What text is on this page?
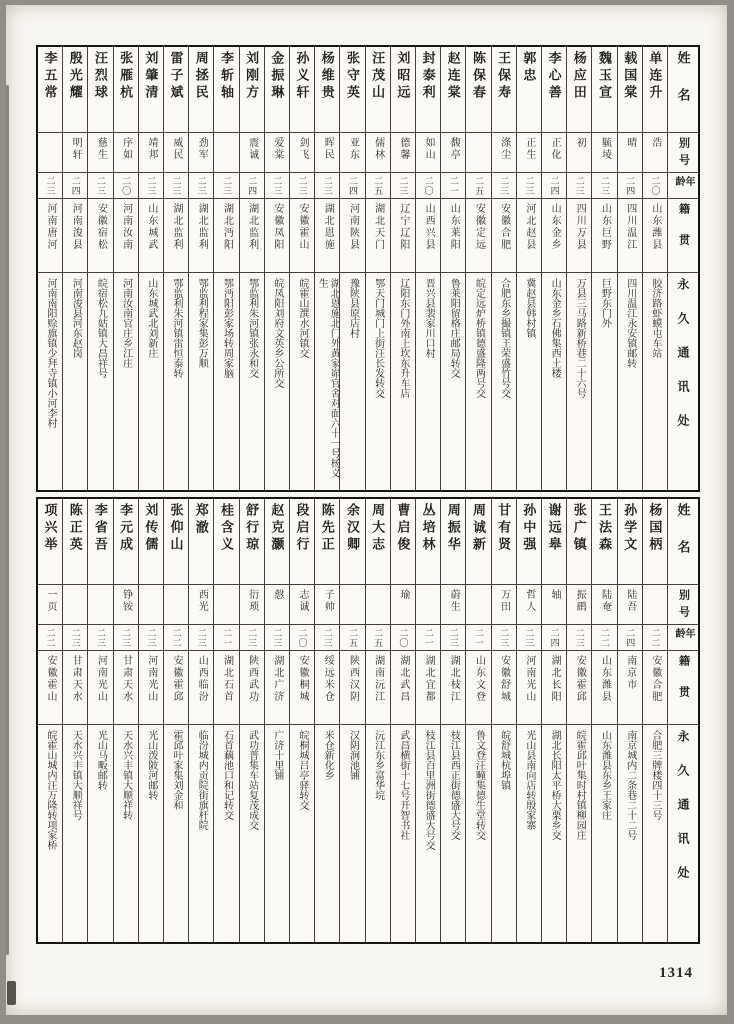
姓名
别号
年龄
籍贯
永久通讯处
单连升
浩
二〇
山东潍县
胶济路虾蟆屯车站
载国棠
晴
二四
四川温江
四川温江永安镇邮转
魏玉宣
毓堎
二三
山东巨野
巨野东门外
杨应田
初
二三
四川万县
万县三马路新桥巷二十六号
李心善
正化
二四
山东金乡
山东金乡石佛集西土楼
郭忠
正生
二三
河北赵县
冀赵县韩村镇
王保寿
涤尘
二三
安徽合肥
合肥东乡撮镇王荣盛竹号交
陈保春
二五
安徽定远
皖定远炉桥镇德盛隆两号交
赵连棠
馥亭
二一
山东莱阳
鲁莱阳留格庄邮局转交
封泰利
如山
二〇
山西兴县
晋兴县裴家川口村
刘昭远
德馨
二三
辽宁辽阳
辽阳东门外南上坎东升车店
汪茂山
儒林
二五
湖北天门
鄂天门城门上街汪长发转交
张守英
亚东
二四
河南陕县
豫陕县原店村
杨维贵
晖民
二三
湖北恩施
湖北恩施北门外黄家峁官舍对面六十一号杨义生
孙义轩
剑飞
二三
安徽霍山
皖霍山潠水河镇交
金振琳
爱棠
二三
安徽凤阳
皖凤阳刘府文英乡公所交
刘刚方
震诚
二四
湖北监利
鄂监利朱河镇张永和交
李斩轴
二三
湖北沔阳
鄂沔阳彭家场转周家脑
周拯民
劲军
二三
湖北监利
鄂监利程家集彭万顺
雷子斌
威民
二三
湖北监利
鄂监利朱河镇雷恒泰转
刘肇清
靖邦
二三
山东城武
山东城武北刘新庄
张雁杭
序如
二〇
河南汝南
河南汝南官庄乡江庄
汪烈球
慈生
二三
安徽宿松
皖宿松九姑镇大昌祥号
殷光耀
明轩
二四
河南浚县
河南浚县河东赵岗
李五常
二三
河南唐河
河南南阳赊旗镇少拜寺镇小河李村
姓名
别号
年龄
籍贯
永久通讯处
杨国柄
二二
安徽合肥
合肥三牌楼四十三号
孙学文
陆吾
二四
南京市
南京城内二条巷二十二号
王法森
陆奄
二二
山东潍县
山东潍县东乡王家庄
张广镇
振鹛
二三
安徽霍邱
皖霍邱叶集时村镇柳园庄
谢远皋
轴
二四
湖北长阳
湖北长阳太平桥大栗乡交
孙中强
哲人
二三
河南光山
光山县南向店转殷家寨
甘有贤
万田
二三
安徽舒城
皖舒城杭埠镇
周诚新
二一
山东文登
鲁文登汪疃集德生堂转交
周振华
蔚生
二三
湖北枝江
枝江县西正街德盛大号交
丛培林
二一
湖北宜都
枝江县百里洲街德盛大号交
曹启俊
瑜
二〇
湖北武昌
武昌横街十七号开智书社
周大志
二五
湖南沅江
沅江东乡富华垸
余汉卿
二五
陕西汉阴
汉阴涧池铺
陈先正
子帅
二三
绥远米仓
米仓新化乡
段启行
志诚
二〇
安徽桐城
皖桐城吕亭驿转交
赵克灏
慤
二三
湖北广济
广济十里铺
舒行琼
衍琐
二三
陕西武功
武功普集车站复茂成交
桂含义
二一
湖北石首
石首藕池口和记转交
郑澈
西光
二三
山西临汾
临汾城内贡院街旗杆院
张仰山
二二
安徽霍邱
霍邱叶家集刘金和
刘传儒
二三
河南光山
光山泼陂河邮转
李元成
铮铵
二三
甘肃天水
天水兴丰镇大顺祥转
李省吾
二三
河南光山
光山马畈邮转
陈正英
二三
甘肃天水
天水兴丰镇大顺祥号
项兴举
一页
二二
安徽霍山
皖霍山城内汪万隆转项家桥
1314
